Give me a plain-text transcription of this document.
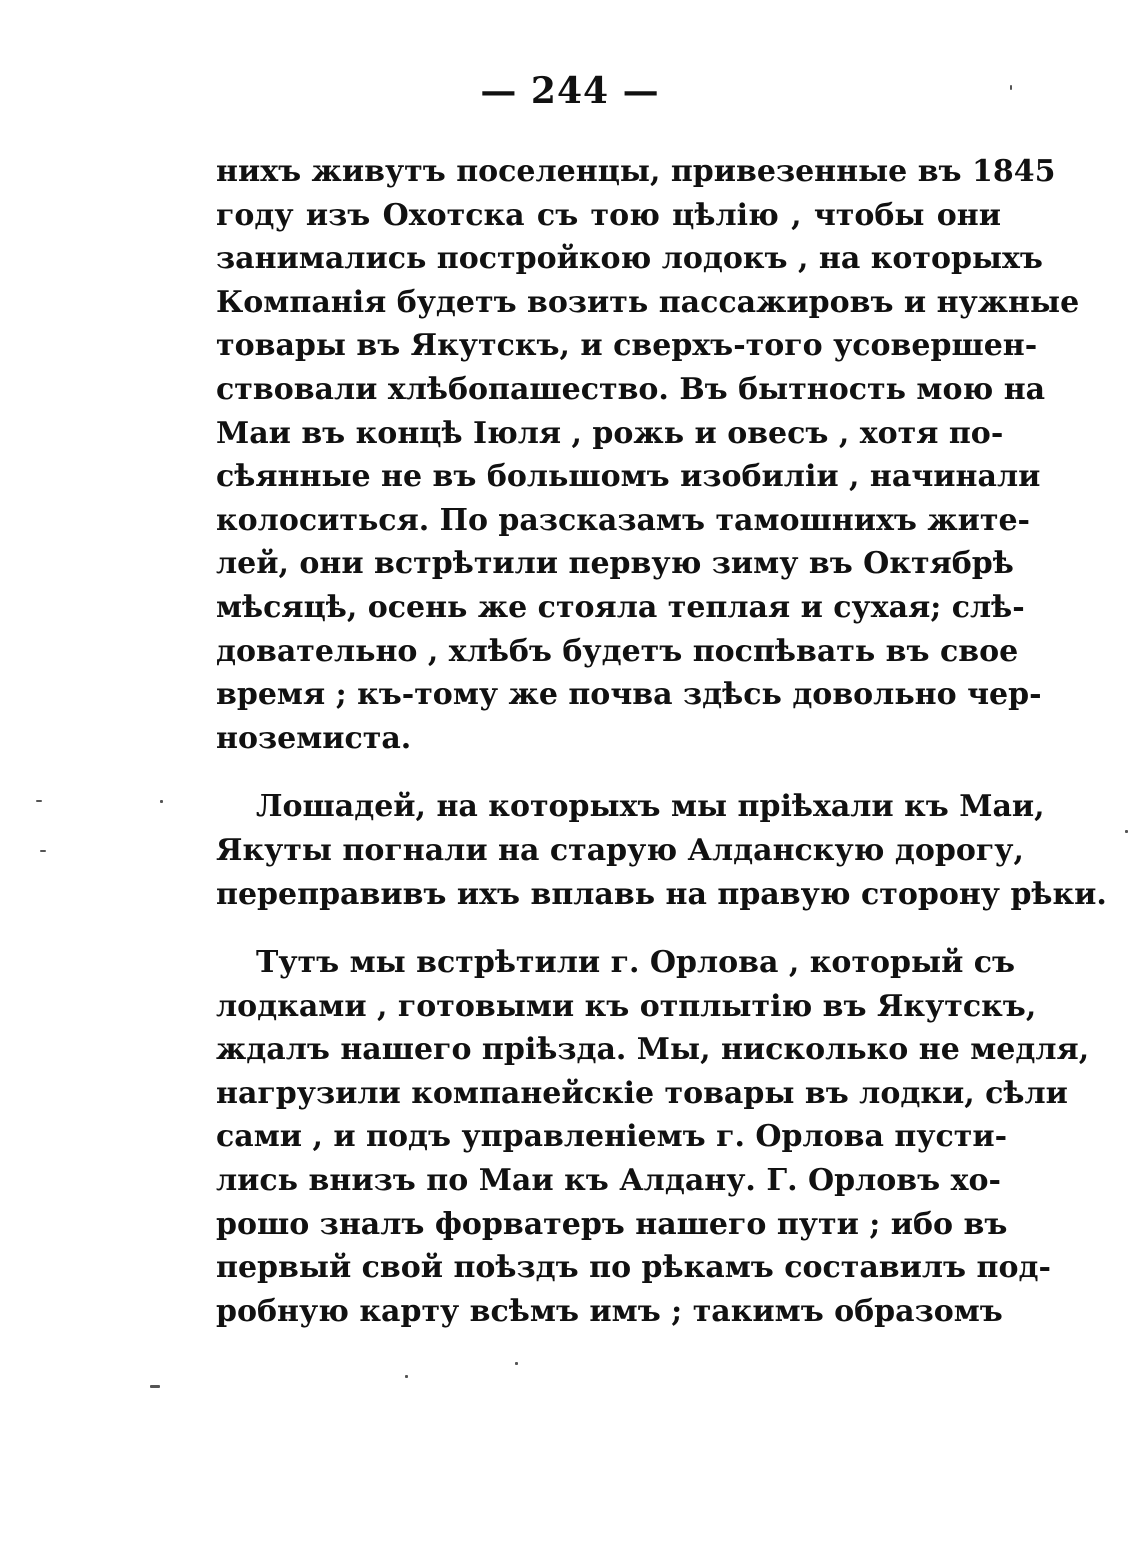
— 244 —
нихъ живутъ поселенцы, привезенные въ 1845
году изъ Охотска съ тою цѣлію , чтобы они
занимались постройкою лодокъ , на которыхъ
Компанія будетъ возить пассажировъ и нужные
товары въ Якутскъ, и сверхъ-того усовершен-
ствовали хлѣбопашество. Въ бытность мою на
Маи въ концѣ Іюля , рожь и овесъ , хотя по-
сѣянные не въ большомъ изобиліи , начинали
колоситься. По разсказамъ тамошнихъ жите-
лей, они встрѣтили первую зиму въ Октябрѣ
мѣсяцѣ, осень же стояла теплая и сухая; слѣ-
довательно , хлѣбъ будетъ поспѣвать въ свое
время ; къ-тому же почва здѣсь довольно чер-
ноземиста.
Лошадей, на которыхъ мы пріѣхали къ Маи,
Якуты погнали на старую Алданскую дорогу,
переправивъ ихъ вплавь на правую сторону рѣки.
Тутъ мы встрѣтили г. Орлова , который съ
лодками , готовыми къ отплытію въ Якутскъ,
ждалъ нашего пріѣзда. Мы, нисколько не медля,
нагрузили компанейскіе товары въ лодки, сѣли
сами , и подъ управленіемъ г. Орлова пусти-
лись внизъ по Маи къ Алдану. Г. Орловъ хо-
рошо зналъ форватеръ нашего пути ; ибо въ
первый свой поѣздъ по рѣкамъ составилъ под-
робную карту всѣмъ имъ ; такимъ образомъ
